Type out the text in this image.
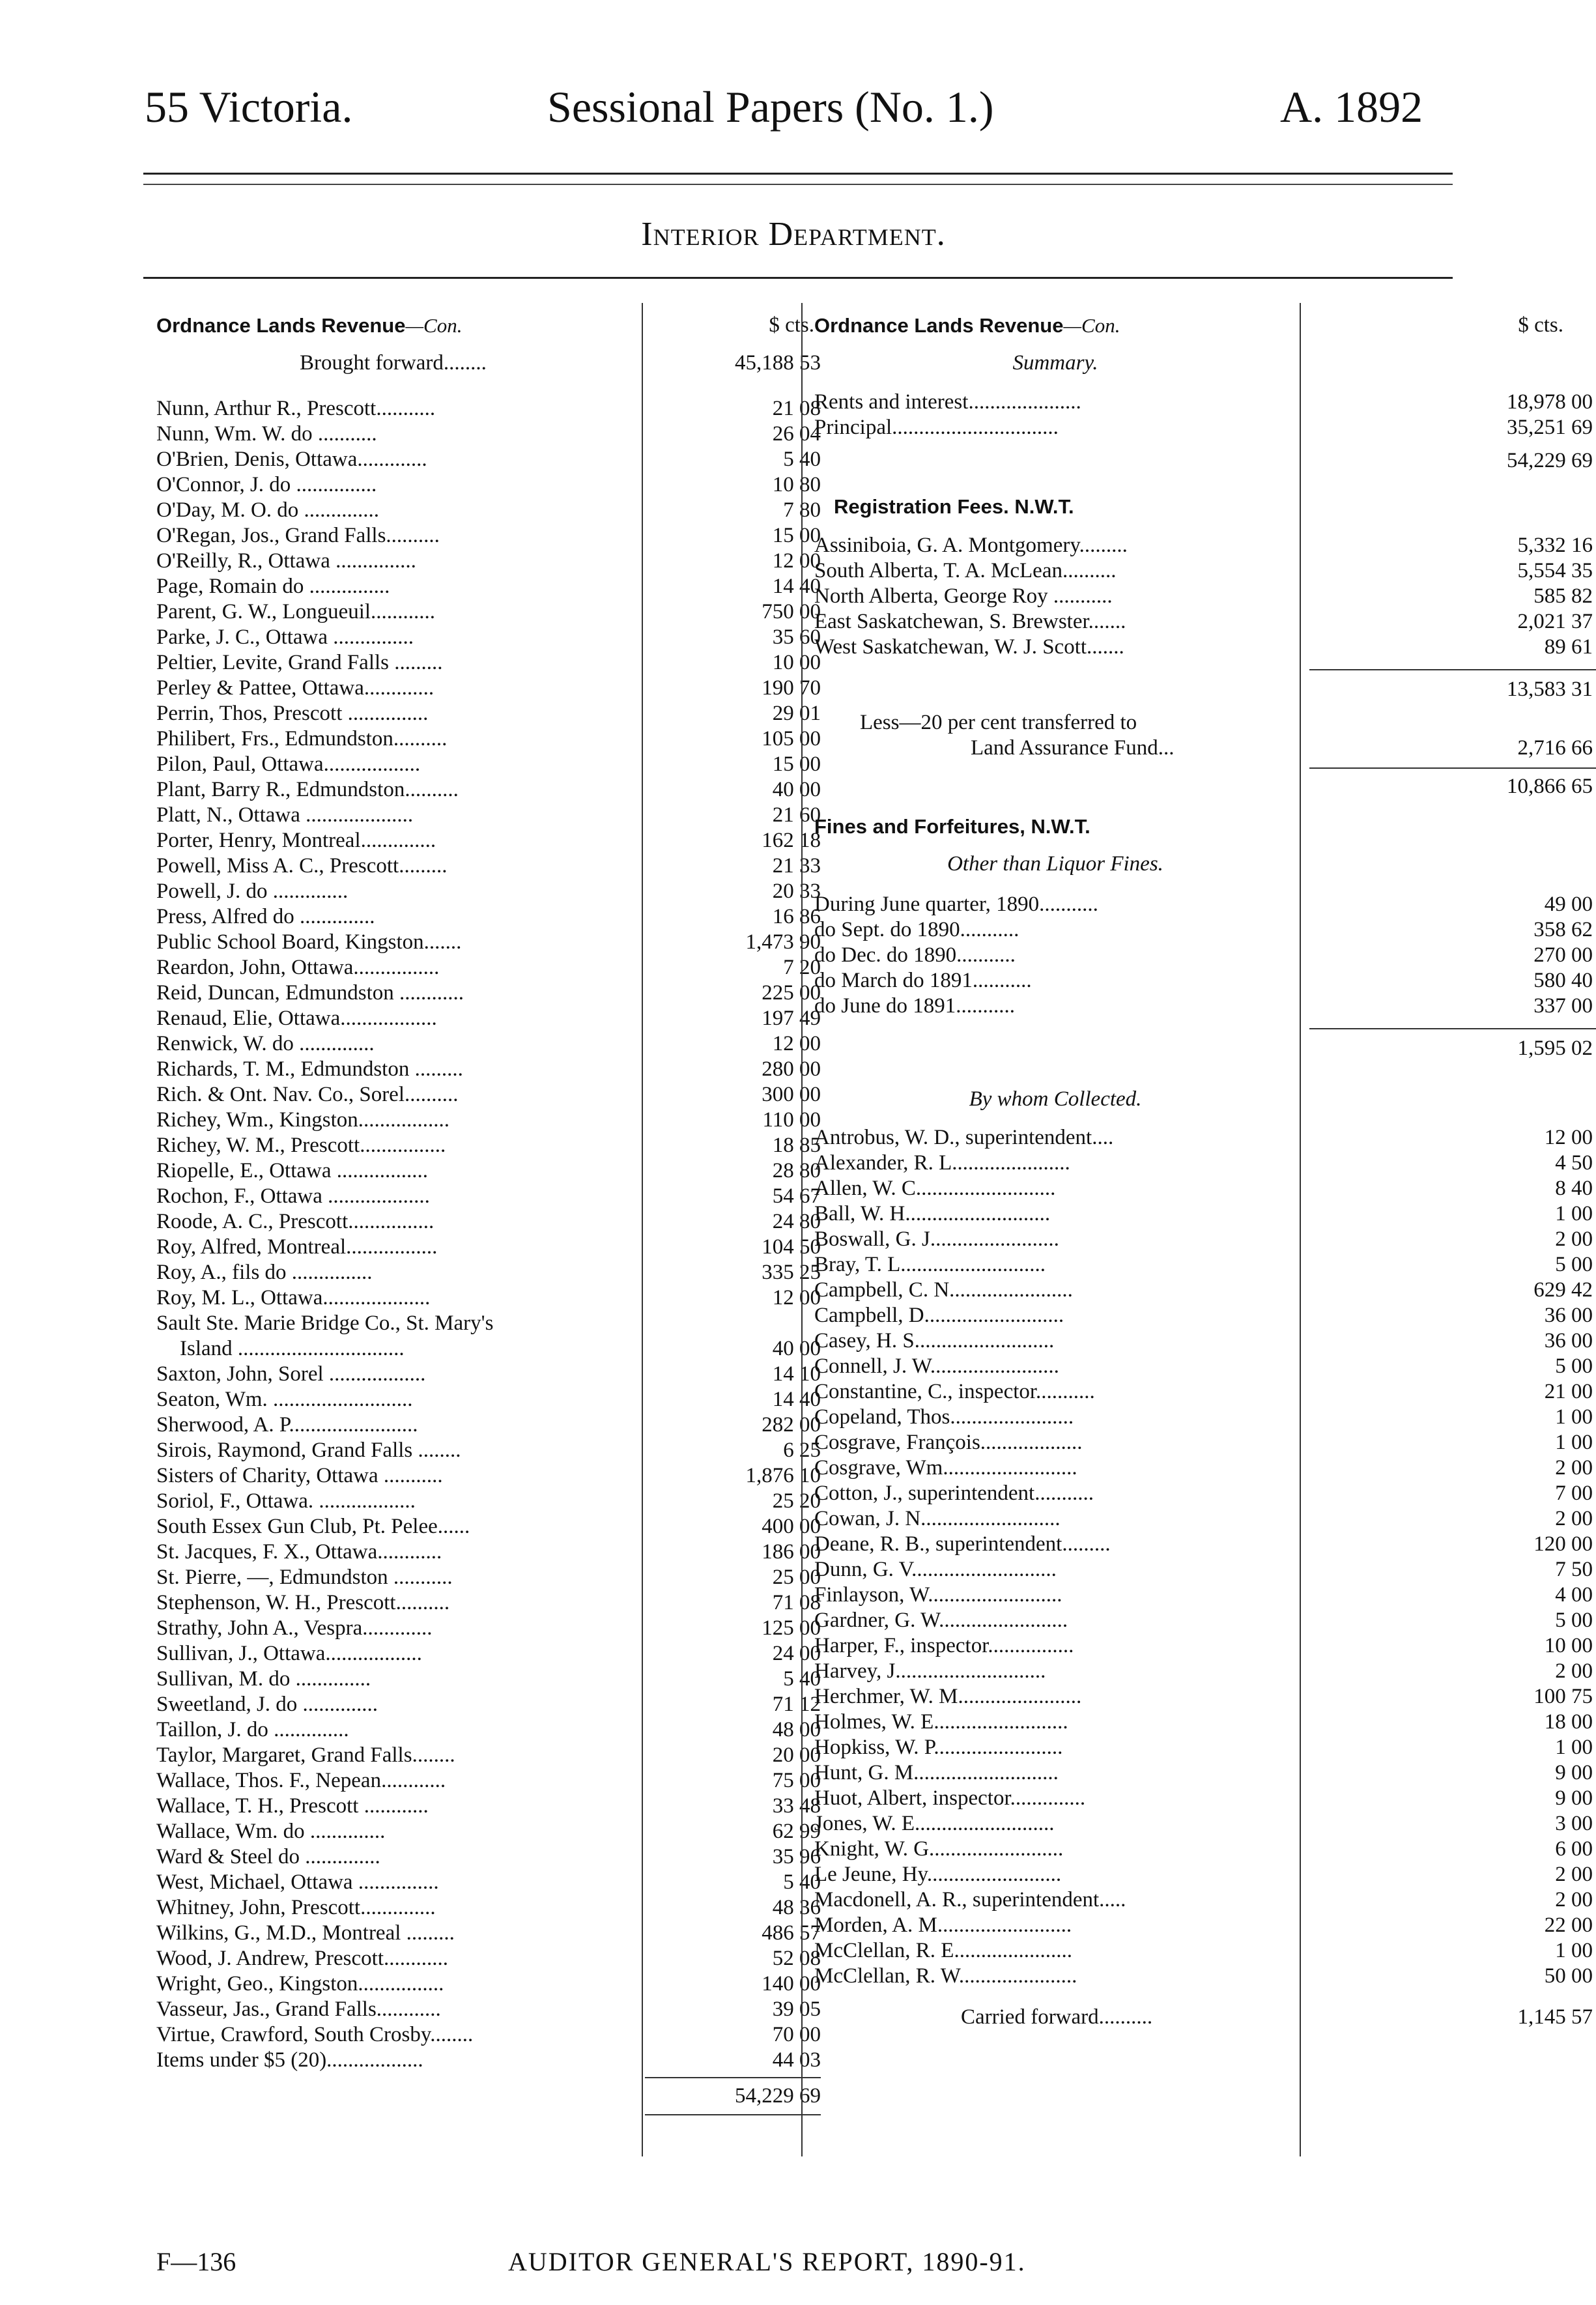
55 Victoria.	Sessional Papers (No. 1.)	A. 1892
Interior Department.
Ordnance Lands Revenue—Con.	$ cts.
Brought forward........	45,188 53
Nunn, Arthur R., Prescott...........	21 08
Nunn, Wm. W. do ...........	26 04
O'Brien, Denis, Ottawa.............	5 40
O'Connor, J. do ...............	10 80
O'Day, M. O. do ..............	7 80
O'Regan, Jos., Grand Falls..........	15 00
O'Reilly, R., Ottawa ...............	12 00
Page, Romain do ...............	14 40
Parent, G. W., Longueuil............	750 00
Parke, J. C., Ottawa ...............	35 60
Peltier, Levite, Grand Falls .........	10 00
Perley & Pattee, Ottawa.............	190 70
Perrin, Thos, Prescott ...............	29 01
Philibert, Frs., Edmundston..........	105 00
Pilon, Paul, Ottawa..................	15 00
Plant, Barry R., Edmundston..........	40 00
Platt, N., Ottawa ....................	21 60
Porter, Henry, Montreal..............	162 18
Powell, Miss A. C., Prescott.........	21 33
Powell, J. do ..............	20 33
Press, Alfred do ..............	16 86
Public School Board, Kingston.......	1,473 90
Reardon, John, Ottawa................	7 20
Reid, Duncan, Edmundston ............	225 00
Renaud, Elie, Ottawa..................	197 49
Renwick, W. do ..............	12 00
Richards, T. M., Edmundston .........	280 00
Rich. & Ont. Nav. Co., Sorel..........	300 00
Richey, Wm., Kingston.................	110 00
Richey, W. M., Prescott................	18 85
Riopelle, E., Ottawa .................	28 80
Rochon, F., Ottawa ...................	54 67
Roode, A. C., Prescott................	24 80
Roy, Alfred, Montreal.................	104 50
Roy, A., fils do ...............	335 25
Roy, M. L., Ottawa....................	12 00
Sault Ste. Marie Bridge Co., St. Mary's
Island ...............................	40 00
Saxton, John, Sorel ..................	14 10
Seaton, Wm. ..........................	14 40
Sherwood, A. P........................	282 00
Sirois, Raymond, Grand Falls ........	6 25
Sisters of Charity, Ottawa ...........	1,876 10
Soriol, F., Ottawa. ..................	25 20
South Essex Gun Club, Pt. Pelee......	400 00
St. Jacques, F. X., Ottawa............	186 00
St. Pierre, —, Edmundston ...........	25 00
Stephenson, W. H., Prescott..........	71 08
Strathy, John A., Vespra.............	125 00
Sullivan, J., Ottawa..................	24 00
Sullivan, M. do ..............	5 40
Sweetland, J. do ..............	71 12
Taillon, J. do ..............	48 00
Taylor, Margaret, Grand Falls........	20 00
Wallace, Thos. F., Nepean............	75 00
Wallace, T. H., Prescott ............	33 48
Wallace, Wm. do ..............	62 99
Ward & Steel do ..............	35 96
West, Michael, Ottawa ...............	5 40
Whitney, John, Prescott..............	48 36
Wilkins, G., M.D., Montreal .........	486 57
Wood, J. Andrew, Prescott............	52 08
Wright, Geo., Kingston................	140 00
Vasseur, Jas., Grand Falls............	39 05
Virtue, Crawford, South Crosby........	70 00
Items under $5 (20)..................	44 03
54,229 69
Ordnance Lands Revenue—Con.	$ cts.
Summary.
Rents and interest.....................	18,978 00
Principal...............................	35,251 69
54,229 69
Registration Fees. N.W.T.
Assiniboia, G. A. Montgomery.........	5,332 16
South Alberta, T. A. McLean..........	5,554 35
North Alberta, George Roy ...........	585 82
East Saskatchewan, S. Brewster.......	2,021 37
West Saskatchewan, W. J. Scott.......	89 61
13,583 31
Less—20 per cent transferred to
Land Assurance Fund...	2,716 66
10,866 65
Fines and Forfeitures, N.W.T.
Other than Liquor Fines.
During June quarter, 1890...........	49 00
do Sept. do 1890...........	358 62
do Dec. do 1890...........	270 00
do March do 1891...........	580 40
do June do 1891...........	337 00
1,595 02
By whom Collected.
Antrobus, W. D., superintendent....	12 00
Alexander, R. L......................	4 50
Allen, W. C..........................	8 40
Ball, W. H...........................	1 00
Boswall, G. J........................	2 00
Bray, T. L...........................	5 00
Campbell, C. N.......................	629 42
Campbell, D..........................	36 00
Casey, H. S..........................	36 00
Connell, J. W........................	5 00
Constantine, C., inspector...........	21 00
Copeland, Thos.......................	1 00
Cosgrave, François...................	1 00
Cosgrave, Wm.........................	2 00
Cotton, J., superintendent...........	7 00
Cowan, J. N..........................	2 00
Deane, R. B., superintendent.........	120 00
Dunn, G. V...........................	7 50
Finlayson, W.........................	4 00
Gardner, G. W........................	5 00
Harper, F., inspector................	10 00
Harvey, J............................	2 00
Herchmer, W. M.......................	100 75
Holmes, W. E.........................	18 00
Hopkiss, W. P........................	1 00
Hunt, G. M...........................	9 00
Huot, Albert, inspector..............	9 00
Jones, W. E..........................	3 00
Knight, W. G.........................	6 00
Le Jeune, Hy.........................	2 00
Macdonell, A. R., superintendent.....	2 00
Morden, A. M.........................	22 00
McClellan, R. E......................	1 00
McClellan, R. W......................	50 00
Carried forward..........	1,145 57
F—136	AUDITOR GENERAL'S REPORT, 1890-91.
